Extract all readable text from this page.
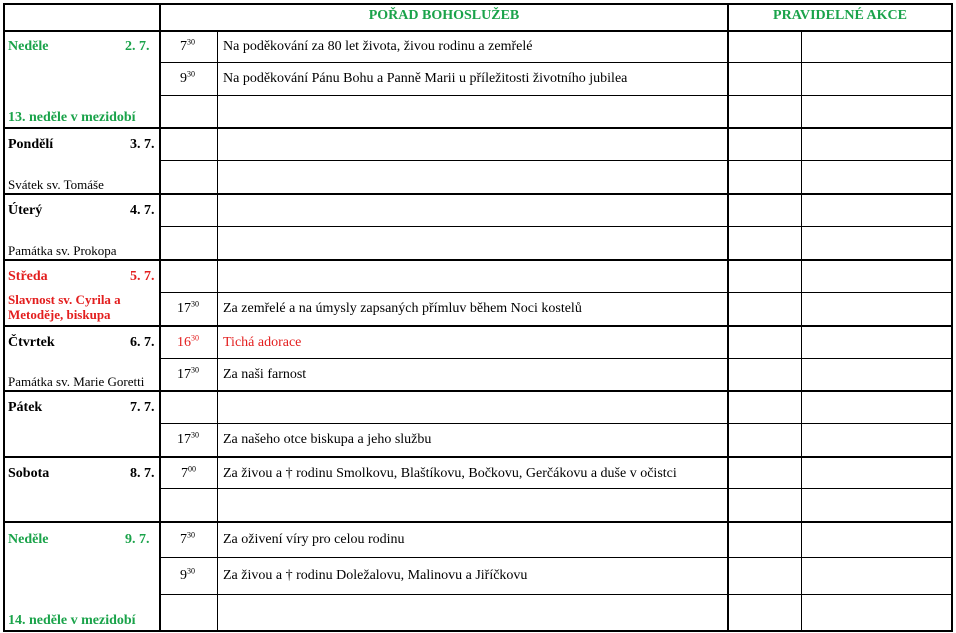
POŘAD BOHOSLUŽEB	PRAVIDELNÉ AKCE
Neděle	2. 7.
13. neděle v mezidobí
$7^{30}$ Na poděkování za 80 let života, živou rodinu a zemřelé
$9^{30}$ Na poděkování Pánu Bohu a Panně Marii u příležitosti životního jubilea
Pondělí	3. 7.
Svátek sv. Tomáše
Úterý	4. 7.
Památka sv. Prokopa
Středa	5. 7.
Slavnost sv. Cyrila a
Metoděje, biskupa	$17^{30}$ Za zemřelé a na úmysly zapsaných přímluv během Noci kostelů
Čtvrtek	6. 7.
Památka sv. Marie Goretti
$16^{30}$ Tichá adorace
$17^{30}$ Za naši farnost
Pátek	7. 7.
$17^{30}$ Za našeho otce biskupa a jeho službu
Sobota	8. 7. $7^{00}$ Za živou a † rodinu Smolkovu, Blaštíkovu, Bočkovu, Gerčákovu a duše v očistci
Neděle	9. 7.
14. neděle v mezidobí
$7^{30}$ Za oživení víry pro celou rodinu
$9^{30}$ Za živou a † rodinu Doležalovu, Malinovu a Jiříčkovu
